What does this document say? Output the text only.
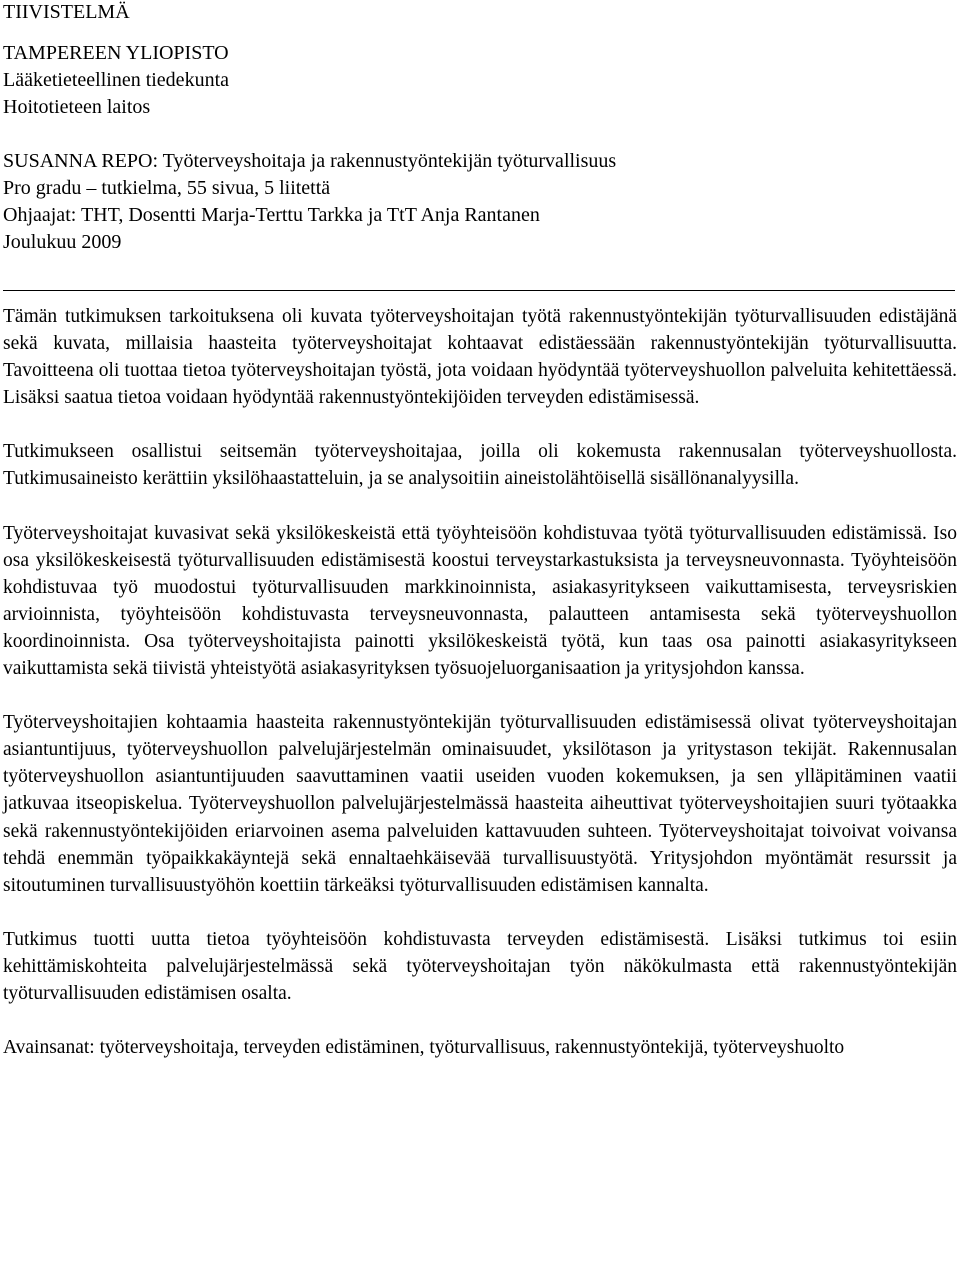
TIIVISTELMÄ
TAMPEREEN YLIOPISTO
Lääketieteellinen tiedekunta
Hoitotieteen laitos
SUSANNA REPO: Työterveyshoitaja ja rakennustyöntekijän työturvallisuus
Pro gradu – tutkielma, 55 sivua, 5 liitettä
Ohjaajat: THT, Dosentti Marja-Terttu Tarkka ja TtT Anja Rantanen
Joulukuu 2009

Tämän tutkimuksen tarkoituksena oli kuvata työterveyshoitajan työtä rakennustyöntekijän työturvallisuuden edistäjänä sekä kuvata, millaisia haasteita työterveyshoitajat kohtaavat edistäessään rakennustyöntekijän työturvallisuutta. Tavoitteena oli tuottaa tietoa työterveyshoitajan työstä, jota voidaan hyödyntää työterveyshuollon palveluita kehitettäessä. Lisäksi saatua tietoa voidaan hyödyntää rakennustyöntekijöiden terveyden edistämisessä.

Tutkimukseen osallistui seitsemän työterveyshoitajaa, joilla oli kokemusta rakennusalan työterveyshuollosta. Tutkimusaineisto kerättiin yksilöhaastatteluin, ja se analysoitiin aineistolähtöisellä sisällönanalyysilla.

Työterveyshoitajat kuvasivat sekä yksilökeskeistä että työyhteisöön kohdistuvaa työtä työturvallisuuden edistämissä. Iso osa yksilökeskeisestä työturvallisuuden edistämisestä koostui terveystarkastuksista ja terveysneuvonnasta. Työyhteisöön kohdistuvaa työ muodostui työturvallisuuden markkinoinnista, asiakasyritykseen vaikuttamisesta, terveysriskien arvioinnista, työyhteisöön kohdistuvasta terveysneuvonnasta, palautteen antamisesta sekä työterveyshuollon koordinoinnista. Osa työterveyshoitajista painotti yksilökeskeistä työtä, kun taas osa painotti asiakasyritykseen vaikuttamista sekä tiivistä yhteistyötä asiakasyrityksen työsuojeluorganisaation ja yritysjohdon kanssa.

Työterveyshoitajien kohtaamia haasteita rakennustyöntekijän työturvallisuuden edistämisessä olivat työterveyshoitajan asiantuntijuus, työterveyshuollon palvelujärjestelmän ominaisuudet, yksilötason ja yritystason tekijät. Rakennusalan työterveyshuollon asiantuntijuuden saavuttaminen vaatii useiden vuoden kokemuksen, ja sen ylläpitäminen vaatii jatkuvaa itseopiskelua. Työterveyshuollon palvelujärjestelmässä haasteita aiheuttivat työterveyshoitajien suuri työtaakka sekä rakennustyöntekijöiden eriarvoinen asema palveluiden kattavuuden suhteen. Työterveyshoitajat toivoivat voivansa tehdä enemmän työpaikkakäyntejä sekä ennaltaehkäisevää turvallisuustyötä. Yritysjohdon myöntämät resurssit ja sitoutuminen turvallisuustyöhön koettiin tärkeäksi työturvallisuuden edistämisen kannalta.

Tutkimus tuotti uutta tietoa työyhteisöön kohdistuvasta terveyden edistämisestä. Lisäksi tutkimus toi esiin kehittämiskohteita palvelujärjestelmässä sekä työterveyshoitajan työn näkökulmasta että rakennustyöntekijän työturvallisuuden edistämisen osalta.

Avainsanat: työterveyshoitaja, terveyden edistäminen, työturvallisuus, rakennustyöntekijä, työterveyshuolto
